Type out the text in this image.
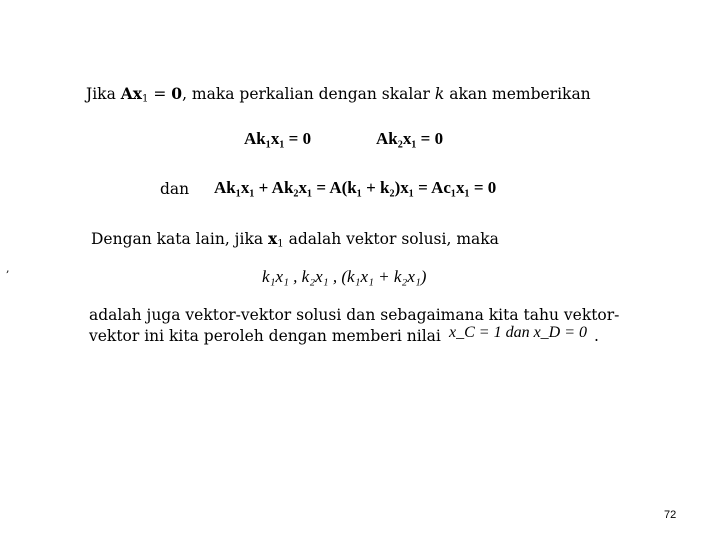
Jika $Ax_1 = 0$, maka perkalian dengan skalar k akan memberikan
Ak₁x₁ = 0	Ak₂x₁ = 0
dan Ak₁x₁ + Ak₂x₁ = A(k₁ + k₂)x₁ = Ac₁x₁ = 0
Dengan kata lain, jika $x_1$ adalah vektor solusi, maka
,	k₁x₁ , k₂x₁ , (k₁x₁ + k₂x₁)
adalah juga vektor-vektor solusi dan sebagaimana kita tahu vektor-
vektor ini kita peroleh dengan memberi nilai x_C = 1 dan x_D = 0 .
72
